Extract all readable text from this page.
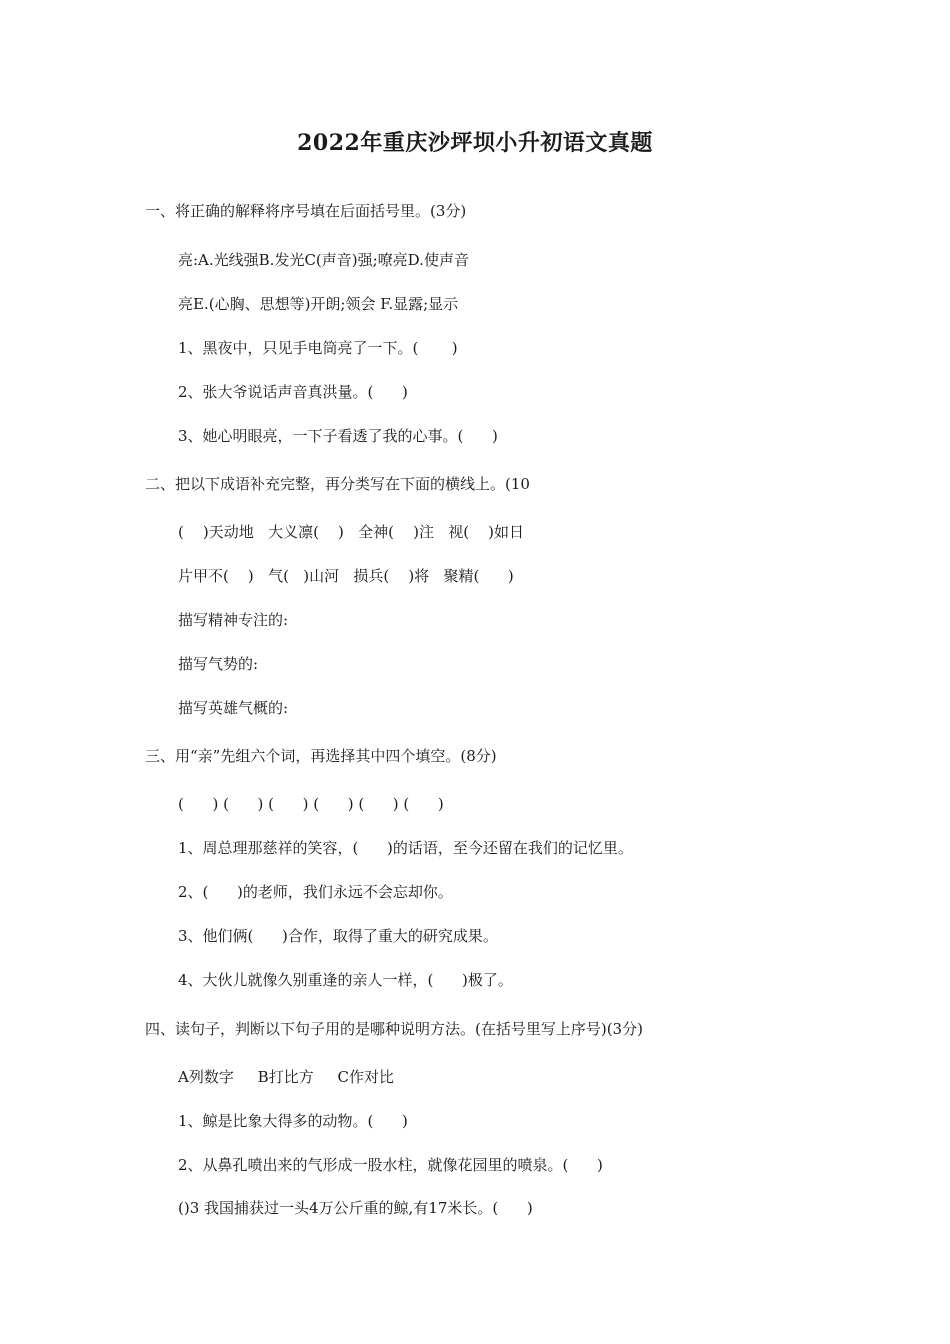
2022年重庆沙坪坝小升初语文真题
一、将正确的解释将序号填在后面括号里。(3分)
亮:A.光线强B.发光C(声音)强;嘹亮D.使声音
亮E.(心胸、思想等)开朗;领会 F.显露;显示
1、黑夜中，只见手电筒亮了一下。(       )
2、张大爷说话声音真洪量。(      )
3、她心明眼亮，一下子看透了我的心事。(      )
二、把以下成语补充完整，再分类写在下面的横线上。(10
(    )天动地   大义凛(    )   全神(    )注   视(    )如日
片甲不(    )   气(   )山河   损兵(    )将   聚精(      )
描写精神专注的:
描写气势的:
描写英雄气概的:
三、用“亲”先组六个词，再选择其中四个填空。(8分)
(      ) (      ) (      ) (      ) (      ) (      )
1、周总理那慈祥的笑容，(      )的话语，至今还留在我们的记忆里。
2、(      )的老师，我们永远不会忘却你。
3、他们俩(      )合作，取得了重大的研究成果。
4、大伙儿就像久别重逢的亲人一样，(      )极了。
四、读句子，判断以下句子用的是哪种说明方法。(在括号里写上序号)(3分)
A列数字     B打比方     C作对比
1、鲸是比象大得多的动物。(      )
2、从鼻孔喷出来的气形成一股水柱，就像花园里的喷泉。(      )
()3 我国捕获过一头4万公斤重的鲸,有17米长。(      )
